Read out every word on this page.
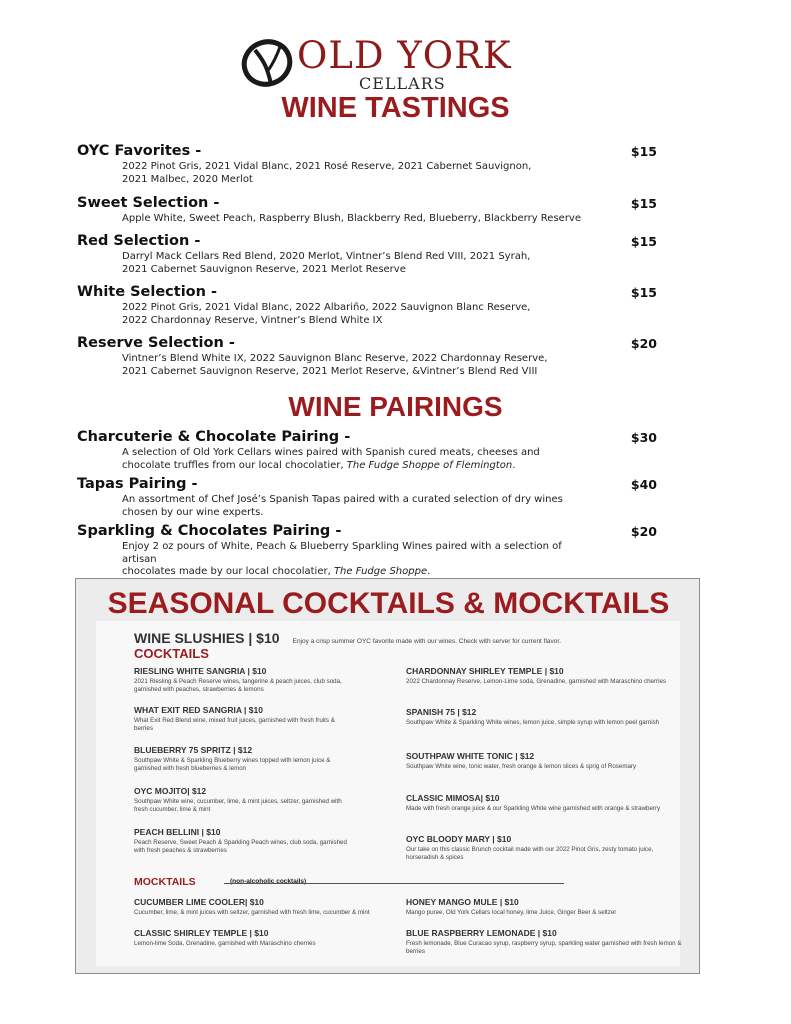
OLD YORK
CELLARS
WINE TASTINGS
OYC Favorites -	$15
2022 Pinot Gris, 2021 Vidal Blanc, 2021 Rosé Reserve, 2021 Cabernet Sauvignon,
2021 Malbec, 2020 Merlot
Sweet Selection -	$15
Apple White, Sweet Peach, Raspberry Blush, Blackberry Red, Blueberry, Blackberry Reserve
Red Selection -	$15
Darryl Mack Cellars Red Blend, 2020 Merlot, Vintner’s Blend Red VIII, 2021 Syrah,
2021 Cabernet Sauvignon Reserve, 2021 Merlot Reserve
White Selection -	$15
2022 Pinot Gris, 2021 Vidal Blanc, 2022 Albariño, 2022 Sauvignon Blanc Reserve,
2022 Chardonnay Reserve, Vintner’s Blend White IX
Reserve Selection -	$20
Vintner’s Blend White IX, 2022 Sauvignon Blanc Reserve, 2022 Chardonnay Reserve,
2021 Cabernet Sauvignon Reserve, 2021 Merlot Reserve, &Vintner’s Blend Red VIII
WINE PAIRINGS
Charcuterie & Chocolate Pairing -	$30
A selection of Old York Cellars wines paired with Spanish cured meats, cheeses and
chocolate truffles from our local chocolatier, The Fudge Shoppe of Flemington.
Tapas Pairing -	$40
An assortment of Chef José’s Spanish Tapas paired with a curated selection of dry wines
chosen by our wine experts.
Sparkling & Chocolates Pairing -	$20
Enjoy 2 oz pours of White, Peach & Blueberry Sparkling Wines paired with a selection of artisan
chocolates made by our local chocolatier, The Fudge Shoppe.
SEASONAL COCKTAILS & MOCKTAILS
WINE SLUSHIES | $10 Enjoy a crisp summer OYC favorite made with our wines. Check with server for current flavor.
COCKTAILS
RIESLING WHITE SANGRIA | $10
2021 Riesling & Peach Reserve wines, tangerine & peach juices, club soda, garnished with peaches, strawberries & lemons
WHAT EXIT RED SANGRIA | $10
What Exit Red Blend wine, mixed fruit juices, garnished with fresh fruits & berries
BLUEBERRY 75 SPRITZ | $12
Southpaw White & Sparkling Blueberry wines topped with lemon juice & garnished with fresh blueberries & lemon
OYC MOJITO| $12
Southpaw White wine, cucumber, lime, & mint juices, seltzer, garnished with fresh cucumber, lime & mint
PEACH BELLINI | $10
Peach Reserve, Sweet Peach & Sparkling Peach wines, club soda, garnished with fresh peaches & strawberries
CHARDONNAY SHIRLEY TEMPLE | $10
2022 Chardonnay Reserve, Lemon-Lime soda, Grenadine, garnished with Maraschino cherries
SPANISH 75 | $12
Southpaw White & Sparkling White wines, lemon juice, simple syrup with lemon peel garnish
SOUTHPAW WHITE TONIC | $12
Southpaw White wine, tonic water, fresh orange & lemon slices & sprig of Rosemary
CLASSIC MIMOSA| $10
Made with fresh orange juice & our Sparkling White wine garnished with orange & strawberry
OYC BLOODY MARY | $10
Our take on this classic Brunch cocktail made with our 2022 Pinot Gris, zesty tomato juice, horseradish & spices
MOCKTAILS	(non-alcoholic cocktails)
CUCUMBER LIME COOLER| $10
Cucumber, lime, & mint juices with seltzer, garnished with fresh lime, cucumber & mint
CLASSIC SHIRLEY TEMPLE | $10
Lemon-lime Soda, Grenadine, garnished with Maraschino cherries
HONEY MANGO MULE | $10
Mango puree, Old York Cellars local honey, lime Juice, Ginger Beer & seltzer
BLUE RASPBERRY LEMONADE | $10
Fresh lemonade, Blue Curacao syrup, raspberry syrup, sparkling water garnished with fresh lemon & berries
